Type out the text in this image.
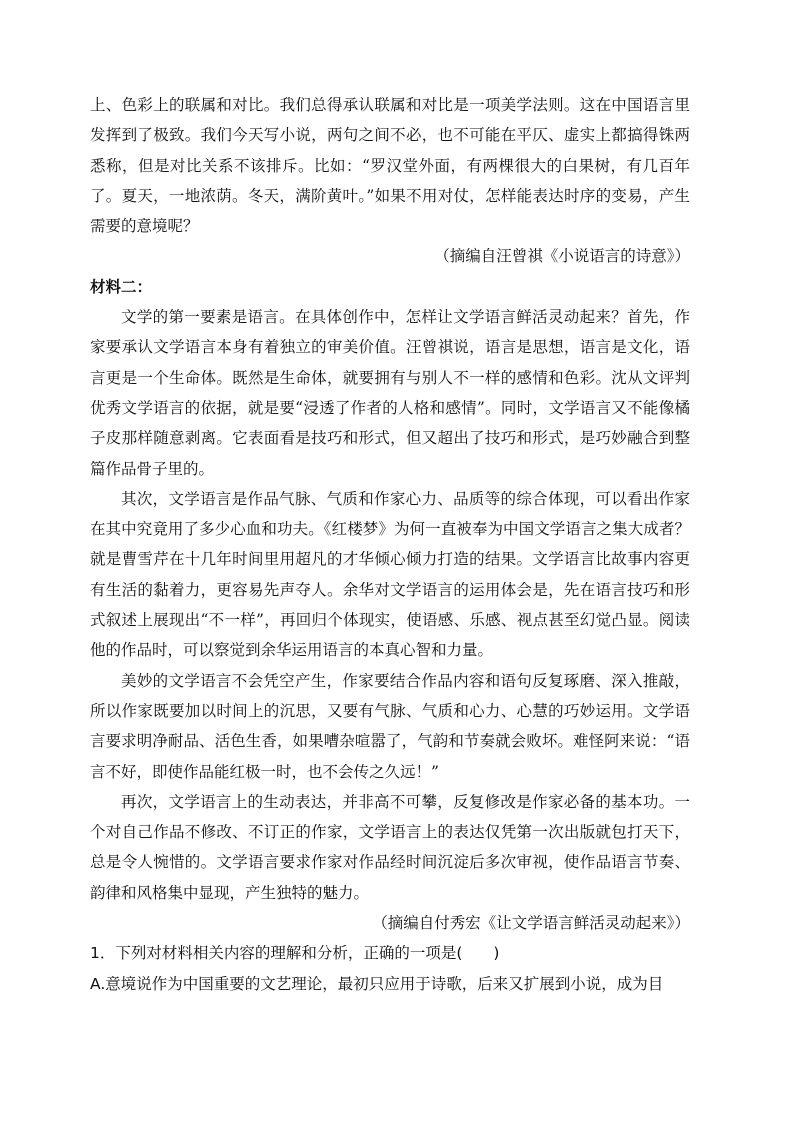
上、色彩上的联属和对比。我们总得承认联属和对比是一项美学法则。这在中国语言里发挥到了极致。我们今天写小说，两句之间不必，也不可能在平仄、虚实上都搞得铢两悉称，但是对比关系不该排斥。比如：“罗汉堂外面，有两棵很大的白果树，有几百年了。夏天，一地浓荫。冬天，满阶黄叶。”如果不用对仗，怎样能表达时序的变易，产生需要的意境呢？

（摘编自汪曾祺《小说语言的诗意》）

材料二：

文学的第一要素是语言。在具体创作中，怎样让文学语言鲜活灵动起来？首先，作家要承认文学语言本身有着独立的审美价值。汪曾祺说，语言是思想，语言是文化，语言更是一个生命体。既然是生命体，就要拥有与别人不一样的感情和色彩。沈从文评判优秀文学语言的依据，就是要“浸透了作者的人格和感情”。同时，文学语言又不能像橘子皮那样随意剥离。它表面看是技巧和形式，但又超出了技巧和形式，是巧妙融合到整篇作品骨子里的。

其次，文学语言是作品气脉、气质和作家心力、品质等的综合体现，可以看出作家在其中究竟用了多少心血和功夫。《红楼梦》为何一直被奉为中国文学语言之集大成者？就是曹雪芹在十几年时间里用超凡的才华倾心倾力打造的结果。文学语言比故事内容更有生活的黏着力，更容易先声夺人。余华对文学语言的运用体会是，先在语言技巧和形式叙述上展现出“不一样”，再回归个体现实，使语感、乐感、视点甚至幻觉凸显。阅读他的作品时，可以察觉到余华运用语言的本真心智和力量。

美妙的文学语言不会凭空产生，作家要结合作品内容和语句反复琢磨、深入推敲，所以作家既要加以时间上的沉思，又要有气脉、气质和心力、心慧的巧妙运用。文学语言要求明净耐品、活色生香，如果嘈杂喧嚣了，气韵和节奏就会败坏。难怪阿来说：“语言不好，即使作品能红极一时，也不会传之久远！”

再次，文学语言上的生动表达，并非高不可攀，反复修改是作家必备的基本功。一个对自己作品不修改、不订正的作家，文学语言上的表达仅凭第一次出版就包打天下，总是令人惋惜的。文学语言要求作家对作品经时间沉淀后多次审视，使作品语言节奏、韵律和风格集中显现，产生独特的魅力。

（摘编自付秀宏《让文学语言鲜活灵动起来》）

1．下列对材料相关内容的理解和分析，正确的一项是(　　)

A.意境说作为中国重要的文艺理论，最初只应用于诗歌，后来又扩展到小说，成为目
